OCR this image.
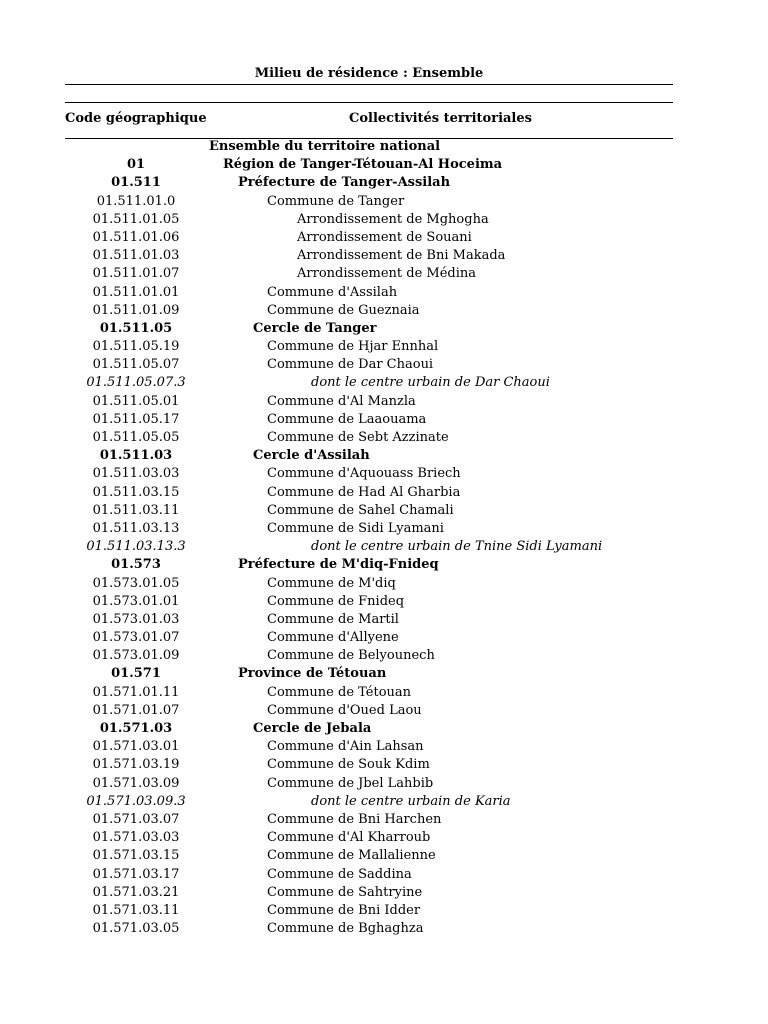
Milieu de résidence : Ensemble
Code géographique	Collectivités territoriales
Ensemble du territoire national
01	Région de Tanger-Tétouan-Al Hoceima
01.511	Préfecture de Tanger-Assilah
01.511.01.0	Commune de Tanger
01.511.01.05	Arrondissement de Mghogha
01.511.01.06	Arrondissement de Souani
01.511.01.03	Arrondissement de Bni Makada
01.511.01.07	Arrondissement de Médina
01.511.01.01	Commune d'Assilah
01.511.01.09	Commune de Gueznaia
01.511.05	Cercle de Tanger
01.511.05.19	Commune de Hjar Ennhal
01.511.05.07	Commune de Dar Chaoui
01.511.05.07.3	dont le centre urbain de Dar Chaoui
01.511.05.01	Commune d'Al Manzla
01.511.05.17	Commune de Laaouama
01.511.05.05	Commune de Sebt Azzinate
01.511.03	Cercle d'Assilah
01.511.03.03	Commune d'Aquouass Briech
01.511.03.15	Commune de Had Al Gharbia
01.511.03.11	Commune de Sahel Chamali
01.511.03.13	Commune de Sidi Lyamani
01.511.03.13.3	dont le centre urbain de Tnine Sidi Lyamani
01.573	Préfecture de M'diq-Fnideq
01.573.01.05	Commune de M'diq
01.573.01.01	Commune de Fnideq
01.573.01.03	Commune de Martil
01.573.01.07	Commune d'Allyene
01.573.01.09	Commune de Belyounech
01.571	Province de Tétouan
01.571.01.11	Commune de Tétouan
01.571.01.07	Commune d'Oued Laou
01.571.03	Cercle de Jebala
01.571.03.01	Commune d'Ain Lahsan
01.571.03.19	Commune de Souk Kdim
01.571.03.09	Commune de Jbel Lahbib
01.571.03.09.3	dont le centre urbain de Karia
01.571.03.07	Commune de Bni Harchen
01.571.03.03	Commune d'Al Kharroub
01.571.03.15	Commune de Mallalienne
01.571.03.17	Commune de Saddina
01.571.03.21	Commune de Sahtryine
01.571.03.11	Commune de Bni Idder
01.571.03.05	Commune de Bghaghza
